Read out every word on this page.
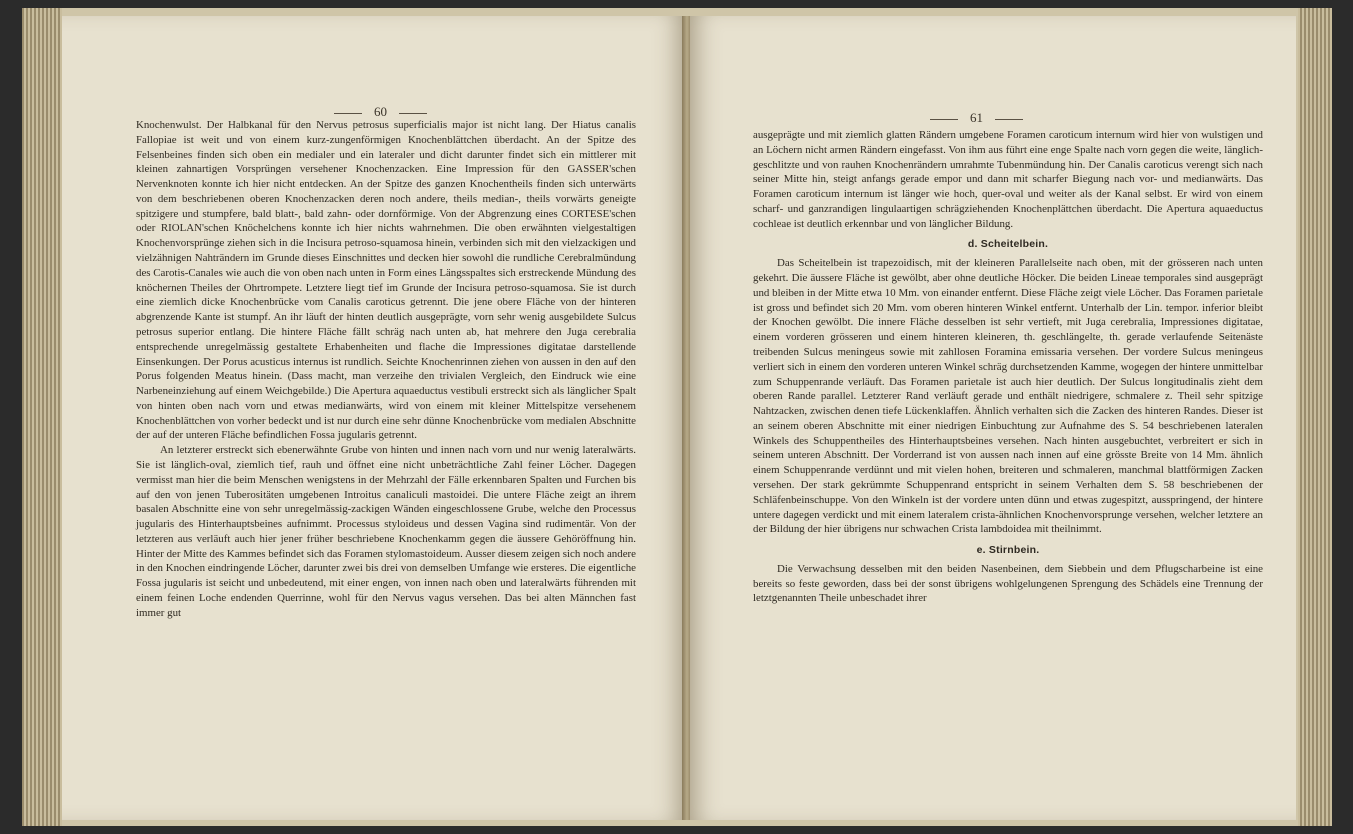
60

Knochenwulst. Der Halbkanal für den Nervus petrosus superficialis major ist nicht lang. Der Hiatus canalis Fallopiae ist weit und von einem kurz-zungenförmigen Knochenblättchen überdacht. An der Spitze des Felsenbeines finden sich oben ein medialer und ein lateraler und dicht darunter findet sich ein mittlerer mit kleinen zahnartigen Vorsprüngen versehener Knochenzacken. Eine Impression für den GASSER'schen Nervenknoten konnte ich hier nicht entdecken. An der Spitze des ganzen Knochentheils finden sich unterwärts von dem beschriebenen oberen Knochenzacken deren noch andere, theils median-, theils vorwärts geneigte spitzigere und stumpfere, bald blatt-, bald zahn- oder dornförmige. Von der Abgrenzung eines CORTESE'schen oder RIOLAN'schen Knöchelchens konnte ich hier nichts wahrnehmen. Die oben erwähnten vielgestaltigen Knochenvorsprünge ziehen sich in die Incisura petroso-squamosa hinein, verbinden sich mit den vielzackigen und vielzähnigen Nahträndern im Grunde dieses Einschnittes und decken hier sowohl die rundliche Cerebralmündung des Carotis-Canales wie auch die von oben nach unten in Form eines Längsspaltes sich erstreckende Mündung des knöchernen Theiles der Ohrtrompete. Letztere liegt tief im Grunde der Incisura petroso-squamosa. Sie ist durch eine ziemlich dicke Knochenbrücke vom Canalis caroticus getrennt. Die jene obere Fläche von der hinteren abgrenzende Kante ist stumpf. An ihr läuft der hinten deutlich ausgeprägte, vorn sehr wenig ausgebildete Sulcus petrosus superior entlang. Die hintere Fläche fällt schräg nach unten ab, hat mehrere den Juga cerebralia entsprechende unregelmässig gestaltete Erhabenheiten und flache die Impressiones digitatae darstellende Einsenkungen. Der Porus acusticus internus ist rundlich. Seichte Knochenrinnen ziehen von aussen in den auf den Porus folgenden Meatus hinein. (Dass macht, man verzeihe den trivialen Vergleich, den Eindruck wie eine Narbeneinziehung auf einem Weichgebilde.) Die Apertura aquaeductus vestibuli erstreckt sich als länglicher Spalt von hinten oben nach vorn und etwas medianwärts, wird von einem mit kleiner Mittelspitze versehenem Knochenblättchen von vorher bedeckt und ist nur durch eine sehr dünne Knochenbrücke vom medialen Abschnitte der auf der unteren Fläche befindlichen Fossa jugularis getrennt.

An letzterer erstreckt sich ebenerwähnte Grube von hinten und innen nach vorn und nur wenig lateralwärts. Sie ist länglich-oval, ziemlich tief, rauh und öffnet eine nicht unbeträchtliche Zahl feiner Löcher. Dagegen vermisst man hier die beim Menschen wenigstens in der Mehrzahl der Fälle erkennbaren Spalten und Furchen bis auf den von jenen Tuberositäten umgebenen Introitus canaliculi mastoidei. Die untere Fläche zeigt an ihrem basalen Abschnitte eine von sehr unregelmässig-zackigen Wänden eingeschlossene Grube, welche den Processus jugularis des Hinterhauptsbeines aufnimmt. Processus styloideus und dessen Vagina sind rudimentär. Von der letzteren aus verläuft auch hier jener früher beschriebene Knochenkamm gegen die äussere Gehöröffnung hin. Hinter der Mitte des Kammes befindet sich das Foramen stylomastoideum. Ausser diesem zeigen sich noch andere in den Knochen eindringende Löcher, darunter zwei bis drei von demselben Umfange wie ersteres. Die eigentliche Fossa jugularis ist seicht und unbedeutend, mit einer engen, von innen nach oben und lateralwärts führenden mit einem feinen Loche endenden Querrinne, wohl für den Nervus vagus versehen. Das bei alten Männchen fast immer gut

61

ausgeprägte und mit ziemlich glatten Rändern umgebene Foramen caroticum internum wird hier von wulstigen und an Löchern nicht armen Rändern eingefasst. Von ihm aus führt eine enge Spalte nach vorn gegen die weite, länglich-geschlitzte und von rauhen Knochenrändern umrahmte Tubenmündung hin. Der Canalis caroticus verengt sich nach seiner Mitte hin, steigt anfangs gerade empor und dann mit scharfer Biegung nach vor- und medianwärts. Das Foramen caroticum internum ist länger wie hoch, quer-oval und weiter als der Kanal selbst. Er wird von einem scharf- und ganzrandigen lingulaartigen schrägziehenden Knochenplättchen überdacht. Die Apertura aquaeductus cochleae ist deutlich erkennbar und von länglicher Bildung.

d. Scheitelbein.

Das Scheitelbein ist trapezoidisch, mit der kleineren Parallelseite nach oben, mit der grösseren nach unten gekehrt. Die äussere Fläche ist gewölbt, aber ohne deutliche Höcker. Die beiden Lineae temporales sind ausgeprägt und bleiben in der Mitte etwa 10 Mm. von einander entfernt. Diese Fläche zeigt viele Löcher. Das Foramen parietale ist gross und befindet sich 20 Mm. vom oberen hinteren Winkel entfernt. Unterhalb der Lin. tempor. inferior bleibt der Knochen gewölbt. Die innere Fläche desselben ist sehr vertieft, mit Juga cerebralia, Impressiones digitatae, einem vorderen grösseren und einem hinteren kleineren, th. geschlängelte, th. gerade verlaufende Seitenäste treibenden Sulcus meningeus sowie mit zahllosen Foramina emissaria versehen. Der vordere Sulcus meningeus verliert sich in einem den vorderen unteren Winkel schräg durchsetzenden Kamme, wogegen der hintere unmittelbar zum Schuppenrande verläuft. Das Foramen parietale ist auch hier deutlich. Der Sulcus longitudinalis zieht dem oberen Rande parallel. Letzterer Rand verläuft gerade und enthält niedrigere, schmalere z. Theil sehr spitzige Nahtzacken, zwischen denen tiefe Lückenklaffen. Ähnlich verhalten sich die Zacken des hinteren Randes. Dieser ist an seinem oberen Abschnitte mit einer niedrigen Einbuchtung zur Aufnahme des S. 54 beschriebenen lateralen Winkels des Schuppentheiles des Hinterhauptsbeines versehen. Nach hinten ausgebuchtet, verbreitert er sich in seinem unteren Abschnitt. Der Vorderrand ist von aussen nach innen auf eine grösste Breite von 14 Mm. ähnlich einem Schuppenrande verdünnt und mit vielen hohen, breiteren und schmaleren, manchmal blattförmigen Zacken versehen. Der stark gekrümmte Schuppenrand entspricht in seinem Verhalten dem S. 58 beschriebenen der Schläfenbeinschuppe. Von den Winkeln ist der vordere unten dünn und etwas zugespitzt, ausspringend, der hintere untere dagegen verdickt und mit einem lateralem crista-ähnlichen Knochenvorsprunge versehen, welcher letztere an der Bildung der hier übrigens nur schwachen Crista lambdoidea mit theilnimmt.

e. Stirnbein.

Die Verwachsung desselben mit den beiden Nasenbeinen, dem Siebbein und dem Pflugscharbeine ist eine bereits so feste geworden, dass bei der sonst übrigens wohlgelungenen Sprengung des Schädels eine Trennung der letztgenannten Theile unbeschadet ihrer
